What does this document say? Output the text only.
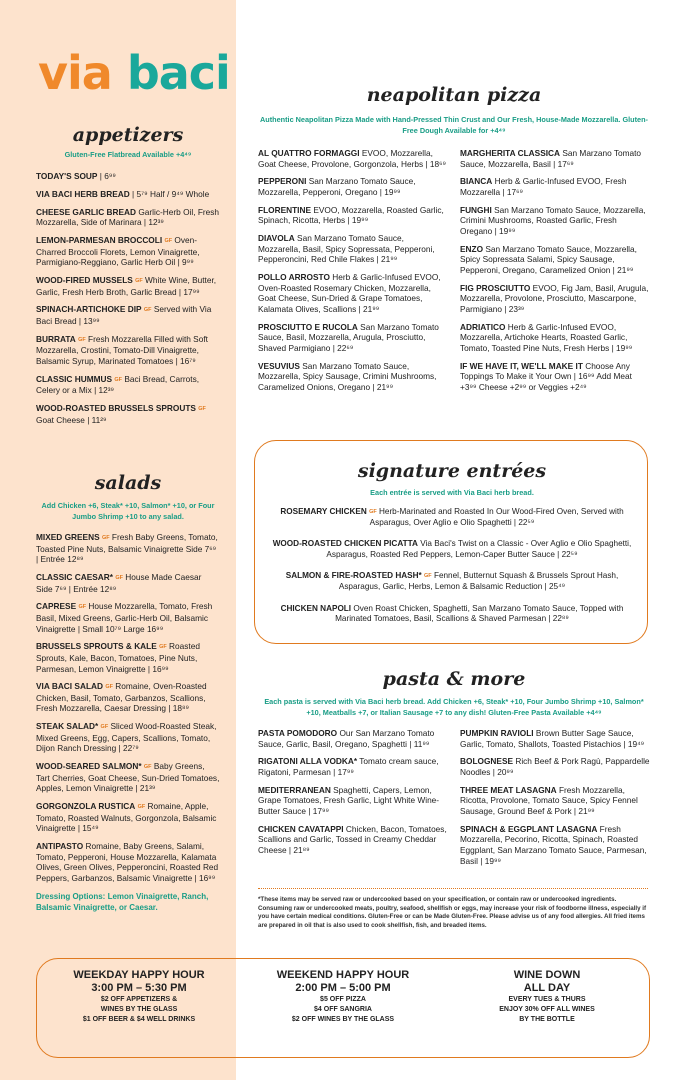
via baci
appetizers
Gluten-Free Flatbread Available +4⁴⁹
TODAY'S SOUP | 6⁹⁹
VIA BACI HERB BREAD | 5⁷⁹ Half / 9⁴⁹ Whole
CHEESE GARLIC BREAD Garlic-Herb Oil, Fresh Mozzarella, Side of Marinara | 12³⁹
LEMON-PARMESAN BROCCOLI GF Oven-Charred Broccoli Florets, Lemon Vinaigrette, Parmigiano-Reggiano, Garlic Herb Oil | 9⁹⁹
WOOD-FIRED MUSSELS GF White Wine, Butter, Garlic, Fresh Herb Broth, Garlic Bread | 17⁹⁹
SPINACH-ARTICHOKE DIP GF Served with Via Baci Bread | 13⁹⁹
BURRATA GF Fresh Mozzarella Filled with Soft Mozzarella, Crostini, Tomato-Dill Vinaigrette, Balsamic Syrup, Marinated Tomatoes | 16⁷⁹
CLASSIC HUMMUS GF Baci Bread, Carrots, Celery or a Mix | 12³⁹
WOOD-ROASTED BRUSSELS SPROUTS GF Goat Cheese | 11²⁹
salads
Add Chicken +6, Steak* +10, Salmon* +10, or Four Jumbo Shrimp +10 to any salad.
MIXED GREENS GF Fresh Baby Greens, Tomato, Toasted Pine Nuts, Balsamic Vinaigrette Side 7⁶⁹ | Entrée 12⁸⁹
CLASSIC CAESAR* GF House Made Caesar Side 7⁶⁹ | Entrée 12⁸⁹
CAPRESE GF House Mozzarella, Tomato, Fresh Basil, Mixed Greens, Garlic-Herb Oil, Balsamic Vinaigrette | Small 10⁷⁹ Large 16⁹⁹
BRUSSELS SPROUTS & KALE GF Roasted Sprouts, Kale, Bacon, Tomatoes, Pine Nuts, Parmesan, Lemon Vinaigrette | 16⁹⁹
VIA BACI SALAD GF Romaine, Oven-Roasted Chicken, Basil, Tomato, Garbanzos, Scallions, Fresh Mozzarella, Caesar Dressing | 18⁸⁹
STEAK SALAD* GF Sliced Wood-Roasted Steak, Mixed Greens, Egg, Capers, Scallions, Tomato, Dijon Ranch Dressing | 22⁷⁹
WOOD-SEARED SALMON* GF Baby Greens, Tart Cherries, Goat Cheese, Sun-Dried Tomatoes, Apples, Lemon Vinaigrette | 21³⁹
GORGONZOLA RUSTICA GF Romaine, Apple, Tomato, Roasted Walnuts, Gorgonzola, Balsamic Vinaigrette | 15⁴⁹
ANTIPASTO Romaine, Baby Greens, Salami, Tomato, Pepperoni, House Mozzarella, Kalamata Olives, Green Olives, Pepperoncini, Roasted Red Peppers, Garbanzos, Balsamic Vinaigrette | 16⁹⁹
Dressing Options: Lemon Vinaigrette, Ranch, Balsamic Vinaigrette, or Caesar.
neapolitan pizza
Authentic Neapolitan Pizza Made with Hand-Pressed Thin Crust and Our Fresh, House-Made Mozzarella. Gluten-Free Dough Available for +4⁴⁹
AL QUATTRO FORMAGGI EVOO, Mozzarella, Goat Cheese, Provolone, Gorgonzola, Herbs | 18⁶⁹
PEPPERONI San Marzano Tomato Sauce, Mozzarella, Pepperoni, Oregano | 19⁹⁹
FLORENTINE EVOO, Mozzarella, Roasted Garlic, Spinach, Ricotta, Herbs | 19⁹⁹
DIAVOLA San Marzano Tomato Sauce, Mozzarella, Basil, Spicy Sopressata, Pepperoni, Pepperoncini, Red Chile Flakes | 21⁹⁹
POLLO ARROSTO Herb & Garlic-Infused EVOO, Oven-Roasted Rosemary Chicken, Mozzarella, Goat Cheese, Sun-Dried & Grape Tomatoes, Kalamata Olives, Scallions | 21⁹⁹
PROSCIUTTO E RUCOLA San Marzano Tomato Sauce, Basil, Mozzarella, Arugula, Prosciutto, Shaved Parmigiano | 22⁶⁹
VESUVIUS San Marzano Tomato Sauce, Mozzarella, Spicy Sausage, Crimini Mushrooms, Caramelized Onions, Oregano | 21⁹⁹
MARGHERITA CLASSICA San Marzano Tomato Sauce, Mozzarella, Basil | 17⁶⁹
BIANCA Herb & Garlic-Infused EVOO, Fresh Mozzarella | 17⁶⁹
FUNGHI San Marzano Tomato Sauce, Mozzarella, Crimini Mushrooms, Roasted Garlic, Fresh Oregano | 19⁹⁹
ENZO San Marzano Tomato Sauce, Mozzarella, Spicy Sopressata Salami, Spicy Sausage, Pepperoni, Oregano, Caramelized Onion | 21⁹⁹
FIG PROSCIUTTO EVOO, Fig Jam, Basil, Arugula, Mozzarella, Provolone, Prosciutto, Mascarpone, Parmigiano | 23³⁹
ADRIATICO Herb & Garlic-Infused EVOO, Mozzarella, Artichoke Hearts, Roasted Garlic, Tomato, Toasted Pine Nuts, Fresh Herbs | 19⁹⁹
IF WE HAVE IT, WE'LL MAKE IT Choose Any Toppings To Make it Your Own | 16⁹⁹ Add Meat +3⁹⁹ Cheese +2⁹⁹ or Veggies +2⁴⁹
signature entrées
Each entrée is served with Via Baci herb bread.
ROSEMARY CHICKEN GF Herb-Marinated and Roasted In Our Wood-Fired Oven, Served with Asparagus, Over Aglio e Olio Spaghetti | 22⁵⁹
WOOD-ROASTED CHICKEN PICATTA Via Baci's Twist on a Classic - Over Aglio e Olio Spaghetti, Asparagus, Roasted Red Peppers, Lemon-Caper Butter Sauce | 22⁵⁹
SALMON & FIRE-ROASTED HASH* GF Fennel, Butternut Squash & Brussels Sprout Hash, Asparagus, Garlic, Herbs, Lemon & Balsamic Reduction | 25⁴⁹
CHICKEN NAPOLI Oven Roast Chicken, Spaghetti, San Marzano Tomato Sauce, Topped with Marinated Tomatoes, Basil, Scallions & Shaved Parmesan | 22⁸⁹
pasta & more
Each pasta is served with Via Baci herb bread. Add Chicken +6, Steak* +10, Four Jumbo Shrimp +10, Salmon* +10, Meatballs +7, or Italian Sausage +7 to any dish! Gluten-Free Pasta Available +4⁴⁹
PASTA POMODORO Our San Marzano Tomato Sauce, Garlic, Basil, Oregano, Spaghetti | 11⁹⁹
RIGATONI ALLA VODKA* Tomato cream sauce, Rigatoni, Parmesan | 17⁹⁹
MEDITERRANEAN Spaghetti, Capers, Lemon, Grape Tomatoes, Fresh Garlic, Light White Wine-Butter Sauce | 17⁹⁹
CHICKEN CAVATAPPI Chicken, Bacon, Tomatoes, Scallions and Garlic, Tossed in Creamy Cheddar Cheese | 21⁸⁹
PUMPKIN RAVIOLI Brown Butter Sage Sauce, Garlic, Tomato, Shallots, Toasted Pistachios | 19⁴⁹
BOLOGNESE Rich Beef & Pork Ragù, Pappardelle Noodles | 20⁹⁹
THREE MEAT LASAGNA Fresh Mozzarella, Ricotta, Provolone, Tomato Sauce, Spicy Fennel Sausage, Ground Beef & Pork | 21⁹⁹
SPINACH & EGGPLANT LASAGNA Fresh Mozzarella, Pecorino, Ricotta, Spinach, Roasted Eggplant, San Marzano Tomato Sauce, Parmesan, Basil | 19⁹⁹
*These items may be served raw or undercooked based on your specification, or contain raw or undercooked ingredients. Consuming raw or undercooked meats, poultry, seafood, shellfish or eggs, may increase your risk of foodborne illness, especially if you have certain medical conditions. Gluten-Free or can be Made Gluten-Free. Please advise us of any food allergies. All fried items are prepared in oil that is also used to cook shellfish, fish, and breaded items.
WEEKDAY HAPPY HOUR
3:00 PM – 5:30 PM
$2 OFF APPETIZERS &
WINES BY THE GLASS
$1 OFF BEER & $4 WELL DRINKS
WEEKEND HAPPY HOUR
2:00 PM – 5:00 PM
$5 OFF PIZZA
$4 OFF SANGRIA
$2 OFF WINES BY THE GLASS
WINE DOWN
ALL DAY
EVERY TUES & THURS
ENJOY 30% OFF ALL WINES
BY THE BOTTLE
